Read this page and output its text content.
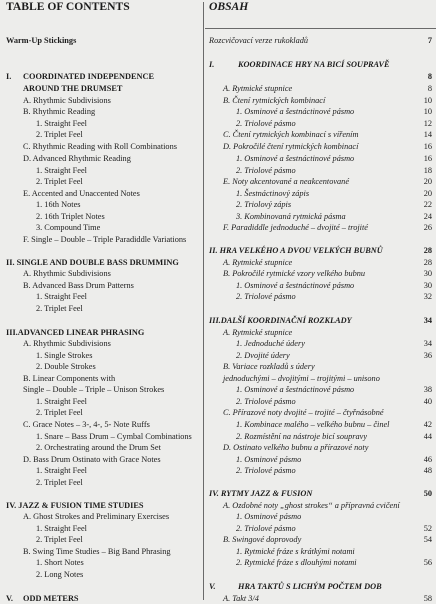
TABLE OF CONTENTS
Warm-Up Stickings
I. COORDINATED INDEPENDENCE
AROUND THE DRUMSET
A. Rhythmic Subdivisions
B. Rhythmic Reading
1. Straight Feel
2. Triplet Feel
C. Rhythmic Reading with Roll Combinations
D. Advanced Rhythmic Reading
1. Straight Feel
2. Triplet Feel
E. Accented and Unaccented Notes
1. 16th Notes
2. 16th Triplet Notes
3. Compound Time
F. Single – Double – Triple Paradiddle Variations
II. SINGLE AND DOUBLE BASS DRUMMING
A. Rhythmic Subdivisions
B. Advanced Bass Drum Patterns
1. Straight Feel
2. Triplet Feel
III.ADVANCED LINEAR PHRASING
A. Rhythmic Subdivisions
1. Single Strokes
2. Double Strokes
B. Linear Components with
Single – Double – Triple – Unison Strokes
1. Straight Feel
2. Triplet Feel
C. Grace Notes – 3-, 4-, 5- Note Ruffs
1. Snare – Bass Drum – Cymbal Combinations
2. Orchestrating around the Drum Set
D. Bass Drum Ostinato with Grace Notes
1. Straight Feel
2. Triplet Feel
IV. JAZZ & FUSION TIME STUDIES
A. Ghost Strokes and Preliminary Exercises
1. Straight Feel
2. Triplet Feel
B. Swing Time Studies – Big Band Phrasing
1. Short Notes
2. Long Notes
V. ODD METERS
OBSAH
Rozcvičovací verze rukokladů	7
I.	KOORDINACE HRY NA BICÍ SOUPRAVĚ
8
A. Rytmické stupnice	8
B. Čtení rytmických kombinací	10
1. Osminové a šestnáctinové pásmo	10
2. Triolové pásmo	12
C. Čtení rytmických kombinací s vířením	14
D. Pokročilé čtení rytmických kombinací	16
1. Osminové a šestnáctinové pásmo	16
2. Triolové pásmo	18
E. Noty akcentované a neakcentované	20
1. Šestnáctinový zápis	20
2. Triolový zápis	22
3. Kombinovaná rytmická pásma	24
F. Paradiddle jednoduché – dvojité – trojité	26
II. HRA VELKÉHO A DVOU VELKÝCH BUBNŮ	28
A. Rytmické stupnice	28
B. Pokročilé rytmické vzory velkého bubnu	30
1. Osminové a šestnáctinové pásmo	30
2. Triolové pásmo	32
III.DALŠÍ KOORDINAČNÍ ROZKLADY	34
A. Rytmické stupnice
1. Jednoduché údery	34
2. Dvojité údery	36
B. Variace rozkladů s údery
jednoduchými – dvojitými – trojitými – unisono
1. Osminové a šestnáctinové pásmo	38
2. Triolové pásmo	40
C. Přírazové noty dvojité – trojité – čtyřnásobné
1. Kombinace malého – velkého bubnu – činel	42
2. Rozmístění na nástroje bicí soupravy	44
D. Ostinato velkého bubnu a přírazové noty
1. Osminové pásmo	46
2. Triolové pásmo	48
IV. RYTMY JAZZ & FUSION	50
A. Ozdobné noty „ghost strokes“ a přípravná cvičení
1. Osminové pásmo
2. Triolové pásmo	52
B. Swingové doprovody	54
1. Rytmické fráze s krátkými notami
2. Rytmické fráze s dlouhými notami	56
V.	HRA TAKTŮ S LICHÝM POČTEM DOB
A. Takt 3/4	58
